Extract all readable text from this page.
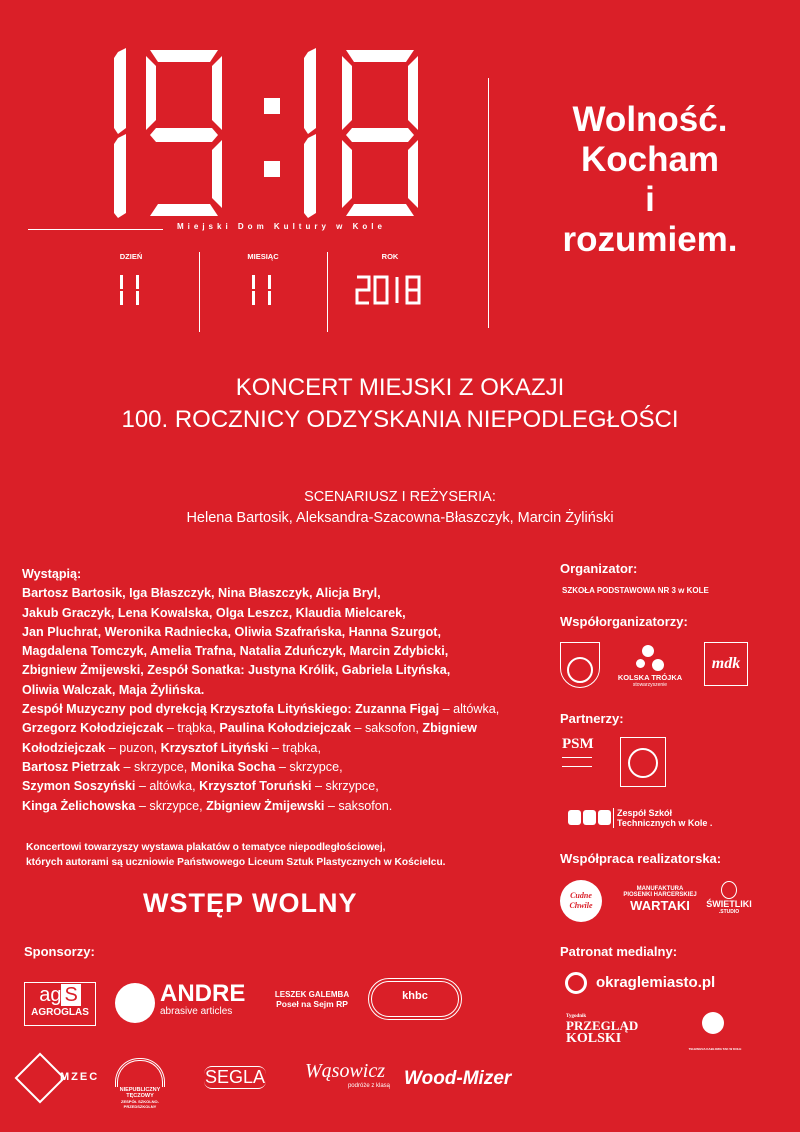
Miejski Dom Kultury w Kole
DZIEŃ	MIESIĄC	ROK
Wolność.
Kocham
i
rozumiem.
KONCERT MIEJSKI Z OKAZJI
100. ROCZNICY ODZYSKANIA NIEPODLEGŁOŚCI
SCENARIUSZ I REŻYSERIA:
Helena Bartosik, Aleksandra-Szacowna-Błaszczyk, Marcin Żyliński
Wystąpią:
Bartosz Bartosik, Iga Błaszczyk, Nina Błaszczyk, Alicja Bryl,
Jakub Graczyk, Lena Kowalska, Olga Leszcz, Klaudia Mielcarek,
Jan Pluchrat, Weronika Radniecka, Oliwia Szafrańska, Hanna Szurgot,
Magdalena Tomczyk, Amelia Trafna, Natalia Zduńczyk, Marcin Zdybicki,
Zbigniew Żmijewski, Zespół Sonatka: Justyna Królik, Gabriela Lityńska,
Oliwia Walczak, Maja Żylińska.
Zespół Muzyczny pod dyrekcją Krzysztofa Lityńskiego: Zuzanna Figaj – altówka, Grzegorz Kołodziejczak – trąbka, Paulina Kołodziejczak – saksofon, Zbigniew Kołodziejczak – puzon, Krzysztof Lityński – trąbka,
Bartosz Pietrzak – skrzypce, Monika Socha – skrzypce,
Szymon Soszyński – altówka, Krzysztof Toruński – skrzypce,
Kinga Żelichowska – skrzypce, Zbigniew Żmijewski – saksofon.
Koncertowi towarzyszy wystawa plakatów o tematyce niepodległościowej,
których autorami są uczniowie Państwowego Liceum Sztuk Plastycznych w Kościelcu.
WSTĘP WOLNY
Sponsorzy:
ag S
AGROGLAS
ANDRE
abrasive articles
LESZEK GALEMBA
Poseł na Sejm RP
khbc
MZEC
NIEPUBLICZNY TĘCZOWY
ZESPÓŁ SZKOLNO-PRZEDSZKOLNY
SEGLA Wąsowicz
podróże z klasą Wood-Mizer
Organizator:
SZKOŁA PODSTAWOWA NR 3 w KOLE
Współorganizatorzy:
KOLSKA TRÓJKA
stowarzyszenie
mdk
Partnerzy:
PSM
Zespół Szkół
Technicznych w Kole .
Współpraca realizatorska:
Cudne Chwile
MANUFAKTURA
PIOSENKI HARCERSKIEJ
WARTAKI	ŚWIETLIKI
.STUDIO
Patronat medialny:
okraglemiasto.pl
Tygodnik
PRZEGLĄD
KOLSKI
TELEWIZJA KABLOWA TAK W KOLE
